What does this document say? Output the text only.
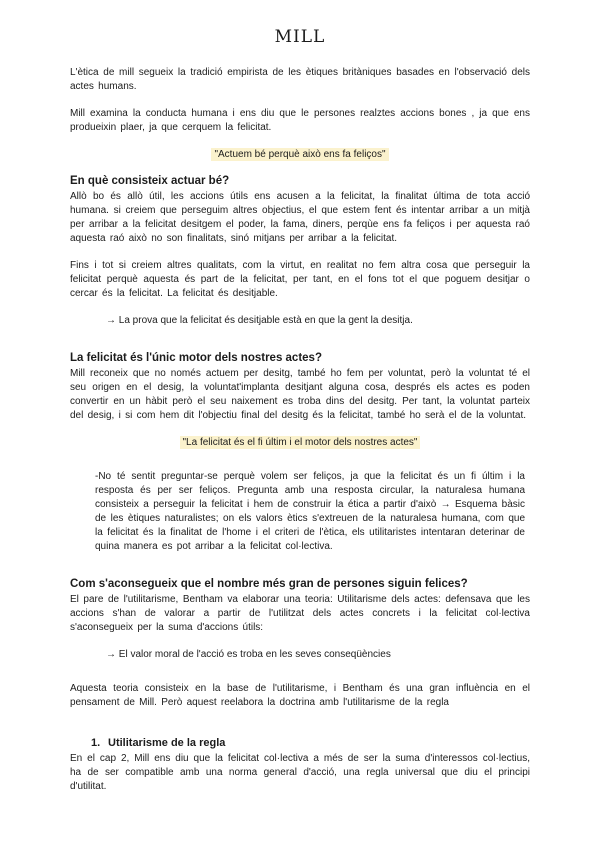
MILL

L'ètica de mill segueix la tradició empirista de les ètiques britàniques basades en l'observació dels actes humans.

Mill examina la conducta humana i ens diu que le persones realztes accions bones , ja que ens produeixin plaer, ja que cerquem la felicitat.

"Actuem bé perquè això ens fa feliços"
En què consisteix actuar bé?

Allò bo és allò útil, les accions útils ens acusen a la felicitat, la finalitat última de tota acció humana. si creiem que perseguim altres objectius, el que estem fent és intentar arribar a un mitjà per arribar a la felicitat desitgem el poder, la fama, diners, perqùe ens fa feliços i per aquesta raó aquesta raó això no son finalitats, sinó mitjans per arribar a la felicitat.

Fins i tot si creiem altres qualitats, com la virtut, en realitat no fem altra cosa que perseguir la felicitat perquè aquesta és part de la felicitat, per tant, en el fons tot el que poguem desitjar o cercar és la felicitat. La felicitat és desitjable.

→ La prova que la felicitat és desitjable està en que la gent la desitja.
La felicitat és l'únic motor dels nostres actes?

Mill reconeix que no només actuem per desitg, també ho fem per voluntat, però la voluntat té el seu origen en el desig, la voluntat'implanta desitjant alguna cosa, després els actes es poden convertir en un hàbit però el seu naixement es troba dins del desitg. Per tant, la voluntat parteix del desig, i si com hem dit l'objectiu final del desitg és la felicitat, també ho serà el de la voluntat.

"La felicitat és el fi últim i el motor dels nostres actes"

-No té sentit preguntar-se perquè volem ser feliços, ja que la felicitat és un fi últim i la resposta és per ser feliços. Pregunta amb una resposta circular, la naturalesa humana consisteix a perseguir la felicitat i hem de construir la ética a partir d'això → Esquema bàsic de les ètiques naturalistes; on els valors ètics s'extreuen de la naturalesa humana, com que la felicitat és la finalitat de l'home i el criteri de l'ètica, els utilitaristes intentaran deterinar de quina manera es pot arribar a la felicitat col·lectiva.

Com s'aconsegueix que el nombre més gran de persones siguin felices?

El pare de l'utilitarisme, Bentham va elaborar una teoria: Utilitarisme dels actes: defensava que les accions s'han de valorar a partir de l'utilitzat dels actes concrets i la felicitat col·lectiva s'aconsegueix per la suma d'accions útils:

→ El valor moral de l'acció es troba en les seves conseqüències

Aquesta teoria consisteix en la base de l'utilitarisme, i Bentham és una gran influència en el pensament de Mill. Però aquest reelabora la doctrina amb l'utilitarisme de la regla

1. Utilitarisme de la regla

En el cap 2, Mill ens diu que la felicitat col·lectiva a més de ser la suma d'interessos col·lectius, ha de ser compatible amb una norma general d'acció, una regla universal que diu el principi d'utilitat.
